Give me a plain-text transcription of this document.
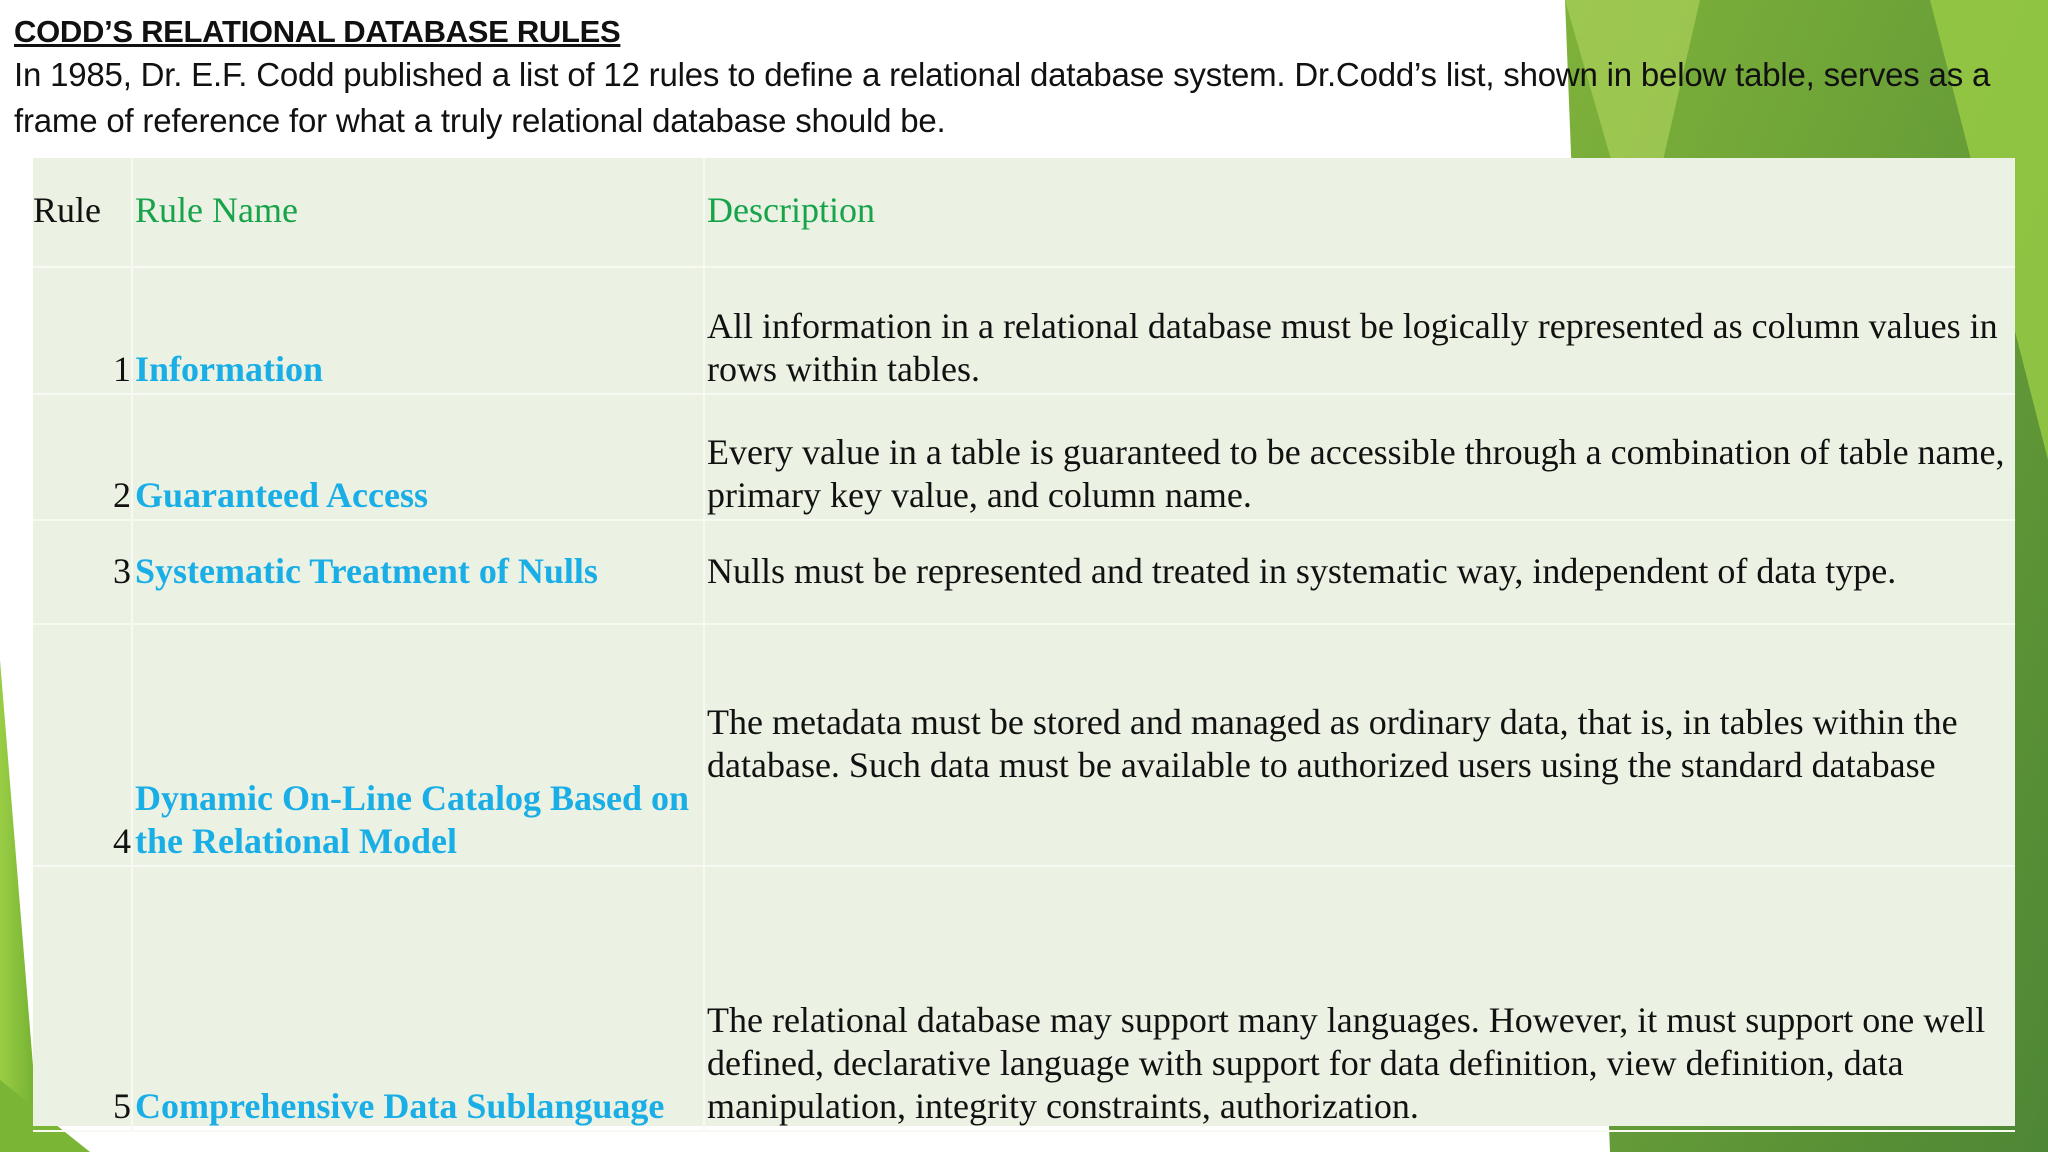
CODD’S RELATIONAL DATABASE RULES
In 1985, Dr. E.F. Codd published a list of 12 rules to define a relational database system. Dr.Codd’s list, shown in below table, serves as a frame of reference for what a truly relational database should be.
Rule	Rule Name	Description
1	Information	All information in a relational database must be logically represented as column values in rows within tables.
2	Guaranteed Access	Every value in a table is guaranteed to be accessible through a combination of table name, primary key value, and column name.
3	Systematic Treatment of Nulls	Nulls must be represented and treated in systematic way, independent of data type.
4	Dynamic On-Line Catalog Based on the Relational Model	The metadata must be stored and managed as ordinary data, that is, in tables within the database. Such data must be available to authorized users using the standard database
5	Comprehensive Data Sublanguage	The relational database may support many languages. However, it must support one well defined, declarative language with support for data definition, view definition, data manipulation, integrity constraints, authorization.
